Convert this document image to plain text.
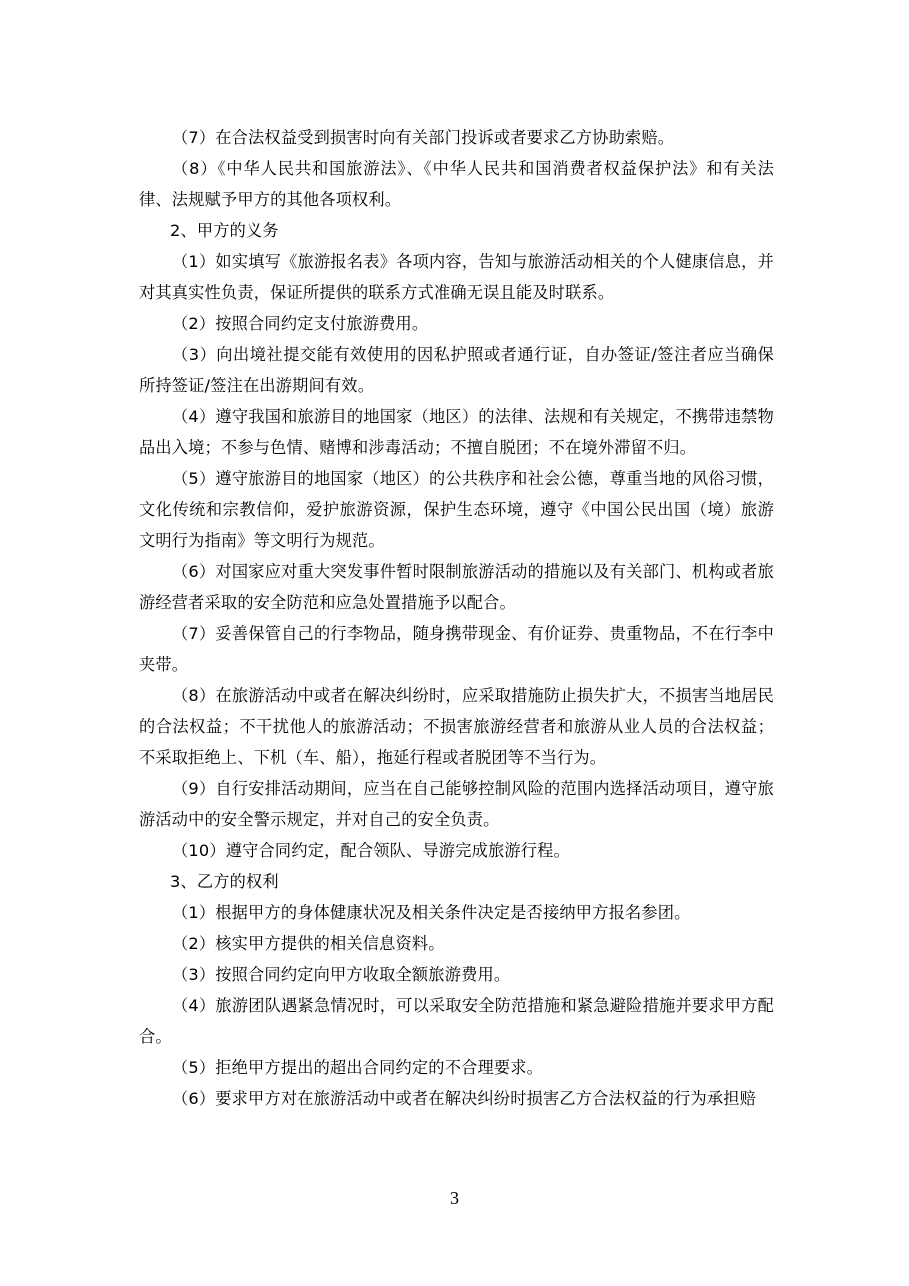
（7）在合法权益受到损害时向有关部门投诉或者要求乙方协助索赔。

（8）《中华人民共和国旅游法》、《中华人民共和国消费者权益保护法》和有关法律、法规赋予甲方的其他各项权利。

2、甲方的义务

（1）如实填写《旅游报名表》各项内容，告知与旅游活动相关的个人健康信息，并对其真实性负责，保证所提供的联系方式准确无误且能及时联系。

（2）按照合同约定支付旅游费用。

（3）向出境社提交能有效使用的因私护照或者通行证，自办签证/签注者应当确保所持签证/签注在出游期间有效。

（4）遵守我国和旅游目的地国家（地区）的法律、法规和有关规定，不携带违禁物品出入境；不参与色情、赌博和涉毒活动；不擅自脱团；不在境外滞留不归。

（5）遵守旅游目的地国家（地区）的公共秩序和社会公德，尊重当地的风俗习惯，文化传统和宗教信仰，爱护旅游资源，保护生态环境，遵守《中国公民出国（境）旅游文明行为指南》等文明行为规范。

（6）对国家应对重大突发事件暂时限制旅游活动的措施以及有关部门、机构或者旅游经营者采取的安全防范和应急处置措施予以配合。

（7）妥善保管自己的行李物品，随身携带现金、有价证券、贵重物品，不在行李中夹带。

（8）在旅游活动中或者在解决纠纷时，应采取措施防止损失扩大，不损害当地居民的合法权益；不干扰他人的旅游活动；不损害旅游经营者和旅游从业人员的合法权益；不采取拒绝上、下机（车、船），拖延行程或者脱团等不当行为。

（9）自行安排活动期间，应当在自己能够控制风险的范围内选择活动项目，遵守旅游活动中的安全警示规定，并对自己的安全负责。

（10）遵守合同约定，配合领队、导游完成旅游行程。

3、乙方的权利

（1）根据甲方的身体健康状况及相关条件决定是否接纳甲方报名参团。

（2）核实甲方提供的相关信息资料。

（3）按照合同约定向甲方收取全额旅游费用。

（4）旅游团队遇紧急情况时，可以采取安全防范措施和紧急避险措施并要求甲方配合。

（5）拒绝甲方提出的超出合同约定的不合理要求。

（6）要求甲方对在旅游活动中或者在解决纠纷时损害乙方合法权益的行为承担赔

3
